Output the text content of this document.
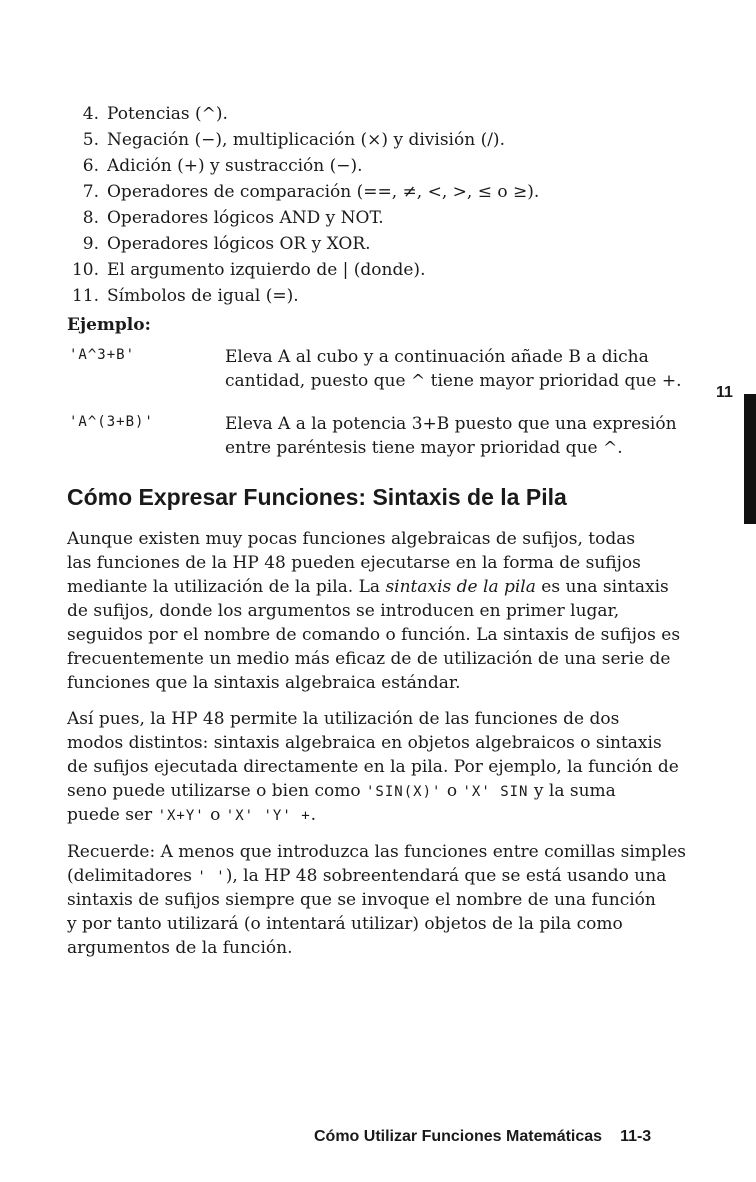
4. Potencias (^).
5. Negación (−), multiplicación (×) y división (/).
6. Adición (+) y sustracción (−).
7. Operadores de comparación (==, ≠, <, >, ≤ o ≥).
8. Operadores lógicos AND y NOT.
9. Operadores lógicos OR y XOR.
10. El argumento izquierdo de | (donde).
11. Símbolos de igual (=).
Ejemplo:
'A^3+B'	Eleva A al cubo y a continuación añade B a dicha
cantidad, puesto que ^ tiene mayor prioridad que +.
'A^(3+B)'	Eleva A a la potencia 3+B puesto que una expresión
entre paréntesis tiene mayor prioridad que ^.
11
Cómo Expresar Funciones: Sintaxis de la Pila
Aunque existen muy pocas funciones algebraicas de sufijos, todas
las funciones de la HP 48 pueden ejecutarse en la forma de sufijos
mediante la utilización de la pila. La sintaxis de la pila es una sintaxis
de sufijos, donde los argumentos se introducen en primer lugar,
seguidos por el nombre de comando o función. La sintaxis de sufijos es
frecuentemente un medio más eficaz de de utilización de una serie de
funciones que la sintaxis algebraica estándar.
Así pues, la HP 48 permite la utilización de las funciones de dos
modos distintos: sintaxis algebraica en objetos algebraicos o sintaxis
de sufijos ejecutada directamente en la pila. Por ejemplo, la función de
seno puede utilizarse o bien como 'SIN(X)' o 'X' SIN y la suma
puede ser 'X+Y' o 'X' 'Y' +.
Recuerde: A menos que introduzca las funciones entre comillas simples
(delimitadores ' '), la HP 48 sobreentendará que se está usando una
sintaxis de sufijos siempre que se invoque el nombre de una función
y por tanto utilizará (o intentará utilizar) objetos de la pila como
argumentos de la función.
Cómo Utilizar Funciones Matemáticas 11-3
